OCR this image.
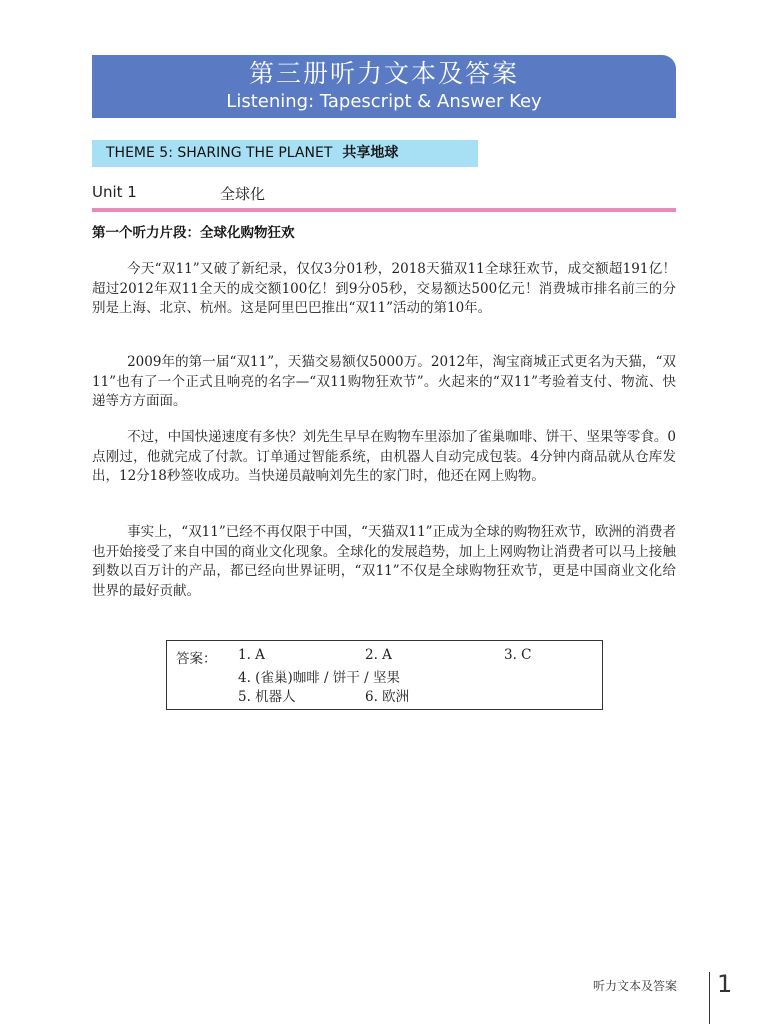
第三册听力文本及答案
Listening: Tapescript & Answer Key
THEME 5: SHARING THE PLANET 共享地球
Unit 1	全球化
第一个听力片段：全球化购物狂欢

今天“双11”又破了新纪录，仅仅3分01秒，2018天猫双11全球狂欢节，成交额超191亿！超过2012年双11全天的成交额100亿！到9分05秒，交易额达500亿元！消费城市排名前三的分别是上海、北京、杭州。这是阿里巴巴推出“双11”活动的第10年。

2009年的第一届“双11”，天猫交易额仅5000万。2012年，淘宝商城正式更名为天猫，“双11”也有了一个正式且响亮的名字—“双11购物狂欢节”。火起来的“双11”考验着支付、物流、快递等方方面面。

不过，中国快递速度有多快？刘先生早早在购物车里添加了雀巢咖啡、饼干、坚果等零食。0点刚过，他就完成了付款。订单通过智能系统，由机器人自动完成包装。4分钟内商品就从仓库发出，12分18秒签收成功。当快递员敲响刘先生的家门时，他还在网上购物。

事实上，“双11”已经不再仅限于中国，“天猫双11”正成为全球的购物狂欢节，欧洲的消费者也开始接受了来自中国的商业文化现象。全球化的发展趋势，加上上网购物让消费者可以马上接触到数以百万计的产品，都已经向世界证明，“双11”不仅是全球购物狂欢节，更是中国商业文化给世界的最好贡献。

答案： 1. A	2. A	3. C
4. (雀巢)咖啡 / 饼干 / 坚果
5. 机器人	6. 欧洲
听力文本及答案 1
